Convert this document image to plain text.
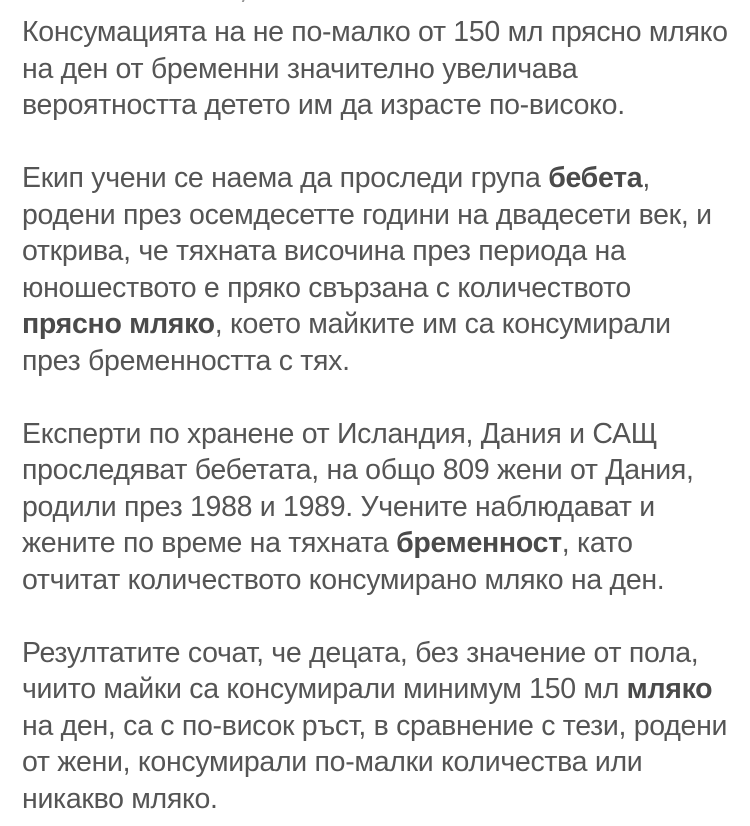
Консумацията на не по-малко от 150 мл прясно мляко
на ден от бременни значително увеличава
вероятността детето им да израсте по-високо.

Екип учени се наема да проследи група бебета,
родени през осемдесетте години на двадесети век, и
открива, че тяхната височина през периода на
юношеството е пряко свързана с количеството
прясно мляко, което майките им са консумирали
през бременността с тях.

Експерти по хранене от Исландия, Дания и САЩ
проследяват бебетата, на общо 809 жени от Дания,
родили през 1988 и 1989. Учените наблюдават и
жените по време на тяхната бременност, като
отчитат количеството консумирано мляко на ден.

Резултатите сочат, че децата, без значение от пола,
чиито майки са консумирали минимум 150 мл мляко
на ден, са с по-висок ръст, в сравнение с тези, родени
от жени, консумирали по-малки количества или
никакво мляко.
